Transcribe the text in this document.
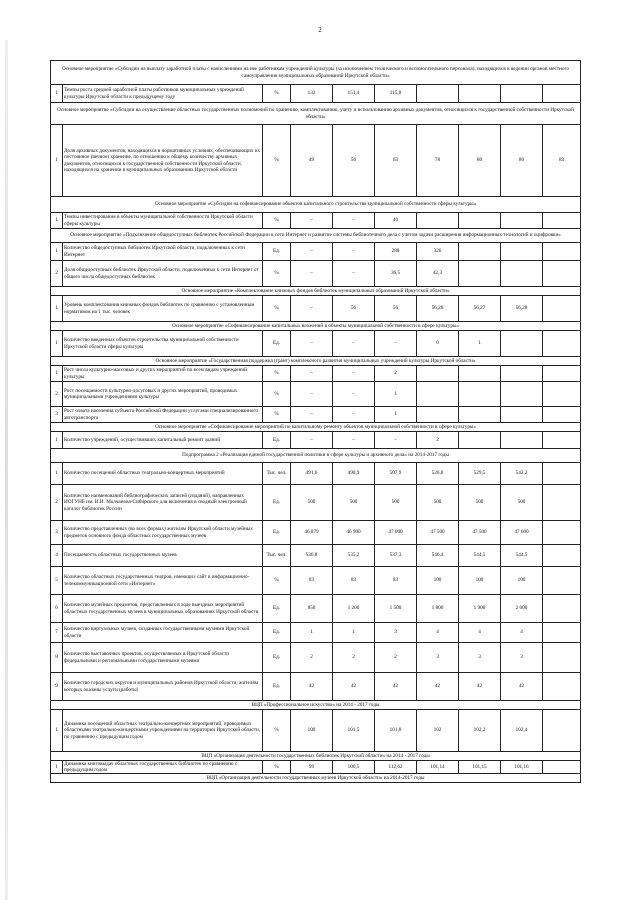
2
Основное мероприятие «Субсидии на выплату заработной платы с начислениями на нее работникам учреждений культуры (за исключением технического и вспомогательного персонала), находящихся в ведении органов местного самоуправления муниципальных образований Иркутской области»									
1	Темпы роста средней заработной платы работников муниципальных учреждений культуры Иркутской области к предыдущему году	%	133	151,4	115,8				
Основное мероприятие «Субсидии на осуществление областных государственных полномочий по хранению, комплектованию, учету и использованию архивных документов, относящихся к государственной собственности Иркутской области»									
1	Доля архивных документов, находящихся в нормативных условиях, обеспечивающих их постоянное (вечное) хранение, по отношению к общему количеству архивных документов, относящихся к государственной собственности Иркутской области, находящихся на хранении в муниципальных образованиях Иркутской области	%	49	56	63	78	80	80	83
Основное мероприятие «Субсидии на софинансирование объектов капитального строительства муниципальной собственности сферы культуры»									
1	Темпы инвестирования в объекты муниципальной собственности Иркутской области сферы культуры	%	–	–	40				
Основное мероприятие «Подключение общедоступных библиотек Российской Федерации к сети Интернет и развитие системы библиотечного дела с учетом задачи расширения информационных технологий и оцифровки»									
1	Количество общедоступных библиотек Иркутской области, подключенных к сети Интернет	Ед.	–	–	288	326			
2	Доля общедоступных библиотек Иркутской области, подключенных к сети Интернет от общего числа общедоступных библиотек	%	–	–	36,5	42,3			
Основное мероприятие «Комплектование книжных фондов библиотек муниципальных образований Иркутской области»									
1	Уровень комплектования книжных фондов библиотек по сравнению с установленным нормативом на 1 тыс. человек	%	–	56	56	56,26	56,27	56,28	
Основное мероприятие «Софинансирование капитальных вложений в объекты муниципальной собственности в сфере культуры»									
1	Количество введенных объектов строительства муниципальной собственности Иркутской области сферы культуры	Ед.	–	–	–	0	1		
Основное мероприятие «Государственная поддержка (грант) комплексного развития муниципальных учреждений культуры Иркутской области»									
1	Рост числа культурно-массовых и других мероприятий по всем видам учреждений культуры	%	–	–	2				
2	Рост посещаемости культурно-досуговых и других мероприятий, проводимых муниципальными учреждениями культуры	%	–	–	1				
3	Рост охвата населения субъекта Российской Федерации услугами специализированного автотранспорта	%	–	–	1				
Основное мероприятие «Софинансирование мероприятий по капитальному ремонту объектов муниципальной собственности в сфере культуры»									
1	Количество учреждений, осуществивших капитальный ремонт зданий	Ед.	–	–	–	2			
Подпрограмма 2 «Реализация единой государственной политики в сфере культуры и архивного дела» на 2014-2017 годы									
1	Количество посещений областных театрально-концертных мероприятий	Тыс. чел.	491,6	498,9	507,9	526,8	529,5	542,2	
2	Количество наименований библиографических записей (изданий), направленных ИОГУНБ им. И.И. Молчанова-Сибирского для включения в сводный электронный каталог библиотек России	Ед.	500	500	500	500	500	500	
3	Количество представленных (во всех формах) жителям Иркутской области музейных предметов основного фонда областных государственных музеев	Ед.	46 879	46 900	47 000	47 500	47 500	47 600	
4	Посещаемость областных государственных музеев	Тыс. чел.	536,8	535,2	537,3	546,4	544,5	544,5	
5	Количество областных государственных театров, имеющих сайт в информационно-телекоммуникационной сети «Интернет»	%	83	83	83	100	100	100	
6	Количество музейных предметов, представленных в ходе выездных мероприятий областных государственных музеев в муниципальных образованиях Иркутской области	Ед.	850	1 200	1 500	1 800	1 900	2 000	
7	Количество виртуальных музеев, созданных государственными музеями Иркутской области	Ед.	1	1	3	4	4	4	
8	Количество выставочных проектов, осуществляемых в Иркутской области федеральными и региональными государственными музеями	Ед.	2	2	2	3	3	3	
9	Количество городских округов и муниципальных районов Иркутской области, жителям которых оказаны услуги (работы)	Ед.	42	42	42	42	42	42	
ВЦП «Профессиональное искусство» на 2014 - 2017 годы									
1	Динамика посещений областных театрально-концертных мероприятий, проводимых областными театрально-концертными учреждениями на территории Иркутской области, по сравнению с предыдущим годом	%	100	101,5	101,8	102	102,2	102,4	
ВЦП «Организация деятельности государственных библиотек Иркутской области» на 2014 - 2017 годы									
1	Динамика книговыдач областных государственных библиотек по сравнению с предыдущим годом	%	99	100,5	112,62	101,14	101,15	101,16	
ВЦП «Организация деятельности государственных музеев Иркутской области» на 2014-2017 годы									
